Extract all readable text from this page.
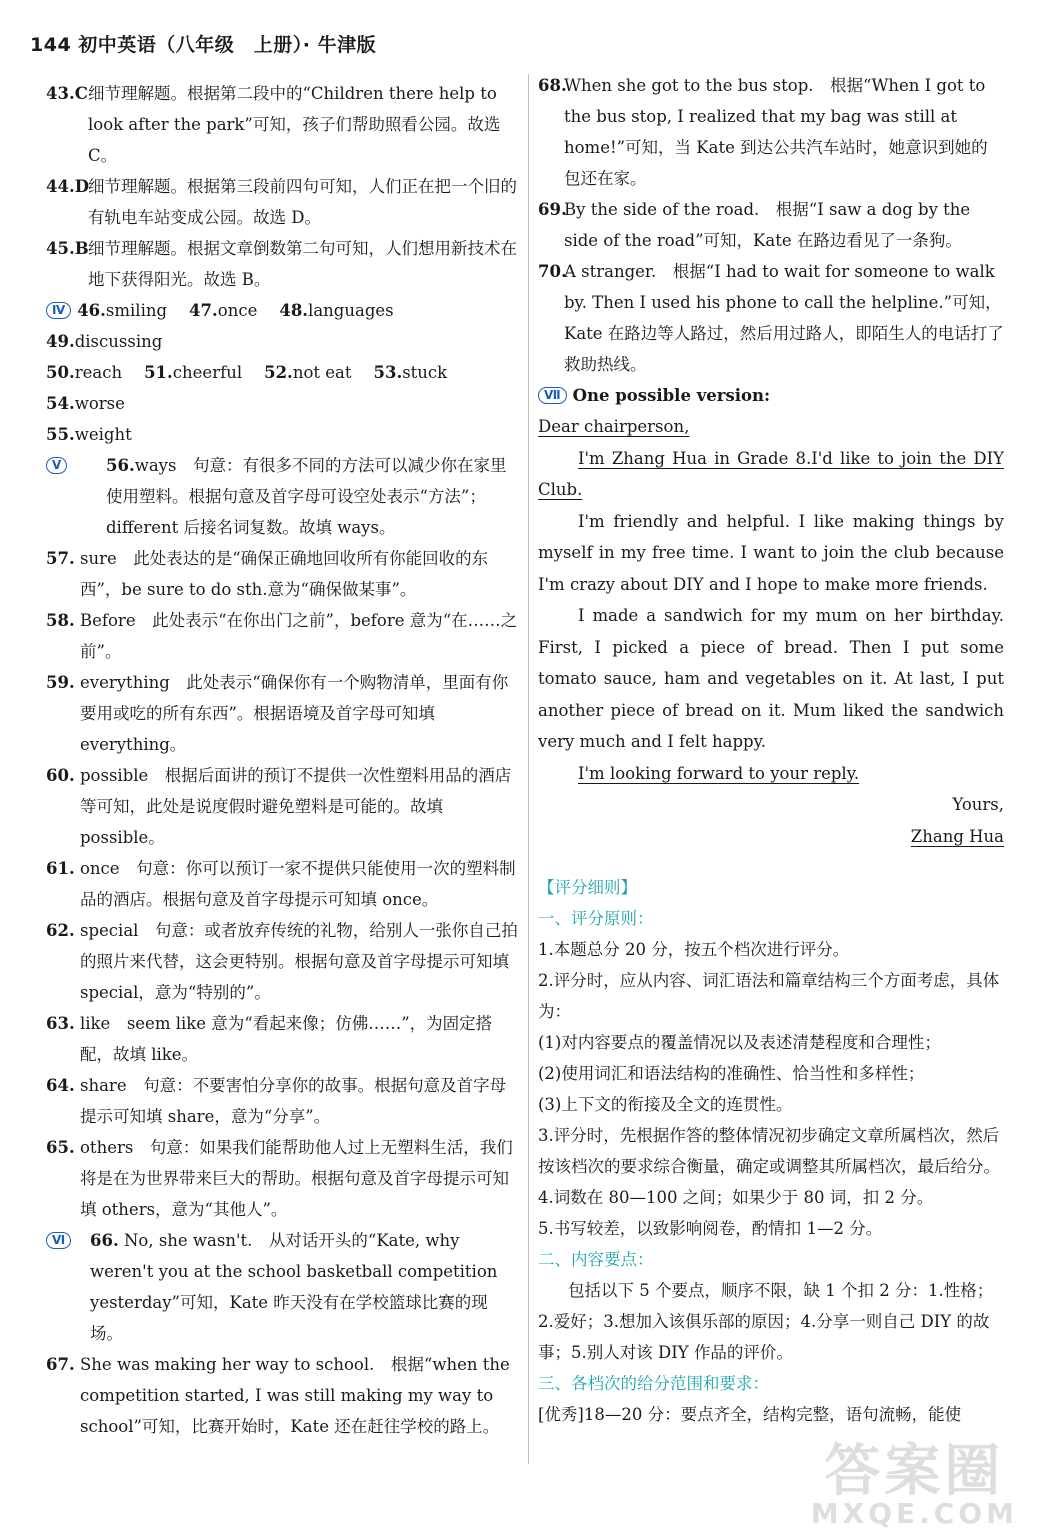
144 初中英语（八年级　上册）· 牛津版
43.C 细节理解题。根据第二段中的“Children there help to look after the park”可知，孩子们帮助照看公园。故选 C。
44.D
细节理解题。根据第三段前四句可知，人们正在把一个旧的有轨电车站变成公园。故选 D。
45.B 细节理解题。根据文章倒数第二句可知，人们想用新技术在地下获得阳光。故选 B。
Ⅳ 46.smiling 47.once 48.languages49.discussing
50.reach 51.cheerful 52.not eat 53.stuck54.worse
55.weight
Ⅴ	56.ways　句意：有很多不同的方法可以减少你在家里使用塑料。根据句意及首字母可设空处表示“方法”；different 后接名词复数。故填 ways。
57. sure　此处表达的是“确保正确地回收所有你能回收的东西”，be sure to do sth.意为“确保做某事”。
58. Before　此处表示“在你出门之前”，before 意为“在……之前”。
59. everything　此处表示“确保你有一个购物清单，里面有你要用或吃的所有东西”。根据语境及首字母可知填 everything。
60. possible　根据后面讲的预订不提供一次性塑料用品的酒店等可知，此处是说度假时避免塑料是可能的。故填 possible。
61. once　句意：你可以预订一家不提供只能使用一次的塑料制品的酒店。根据句意及首字母提示可知填 once。
62. special　句意：或者放弃传统的礼物，给别人一张你自己拍的照片来代替，这会更特别。根据句意及首字母提示可知填 special，意为“特别的”。
63. like　seem like 意为“看起来像；仿佛……”，为固定搭配，故填 like。
64. share　句意：不要害怕分享你的故事。根据句意及首字母提示可知填 share，意为“分享”。
65. others　句意：如果我们能帮助他人过上无塑料生活，我们将是在为世界带来巨大的帮助。根据句意及首字母提示可知填 others，意为“其他人”。
Ⅵ	66. No, she wasn't.　从对话开头的“Kate, why weren't you at the school basketball competition yesterday”可知，Kate 昨天没有在学校篮球比赛的现场。
67. She was making her way to school.　根据“when the competition started, I was still making my way to school”可知，比赛开始时，Kate 还在赶往学校的路上。
68.
When she got to the bus stop.　根据“When I got to the bus stop, I realized that my bag was still at home!”可知，当 Kate 到达公共汽车站时，她意识到她的包还在家。
69.
By the side of the road.　根据“I saw a dog by the side of the road”可知，Kate 在路边看见了一条狗。
70.
A stranger.　根据“I had to wait for someone to walk by. Then I used his phone to call the helpline.”可知，Kate 在路边等人路过，然后用过路人，即陌生人的电话打了救助热线。
Ⅶ One possible version:
Dear chairperson,
I'm Zhang Hua in Grade 8.I'd like to join the DIY Club.
I'm friendly and helpful. I like making things by myself in my free time. I want to join the club because I'm crazy about DIY and I hope to make more friends.
I made a sandwich for my mum on her birthday. First, I picked a piece of bread. Then I put some tomato sauce, ham and vegetables on it. At last, I put another piece of bread on it. Mum liked the sandwich very much and I felt happy.
I'm looking forward to your reply.
Yours,
Zhang Hua
【评分细则】
一、评分原则：
1.本题总分 20 分，按五个档次进行评分。
2.评分时，应从内容、词汇语法和篇章结构三个方面考虑，具体为：
(1)对内容要点的覆盖情况以及表述清楚程度和合理性；
(2)使用词汇和语法结构的准确性、恰当性和多样性；
(3)上下文的衔接及全文的连贯性。
3.评分时，先根据作答的整体情况初步确定文章所属档次，然后按该档次的要求综合衡量，确定或调整其所属档次，最后给分。
4.词数在 80—100 之间；如果少于 80 词，扣 2 分。
5.书写较差，以致影响阅卷，酌情扣 1—2 分。
二、内容要点：
包括以下 5 个要点，顺序不限，缺 1 个扣 2 分：1.性格；2.爱好；3.想加入该俱乐部的原因；4.分享一则自己 DIY 的故事；5.别人对该 DIY 作品的评价。
三、各档次的给分范围和要求：
[优秀]18—20 分：要点齐全，结构完整，语句流畅，能使
答案圈
MXQE.COM
